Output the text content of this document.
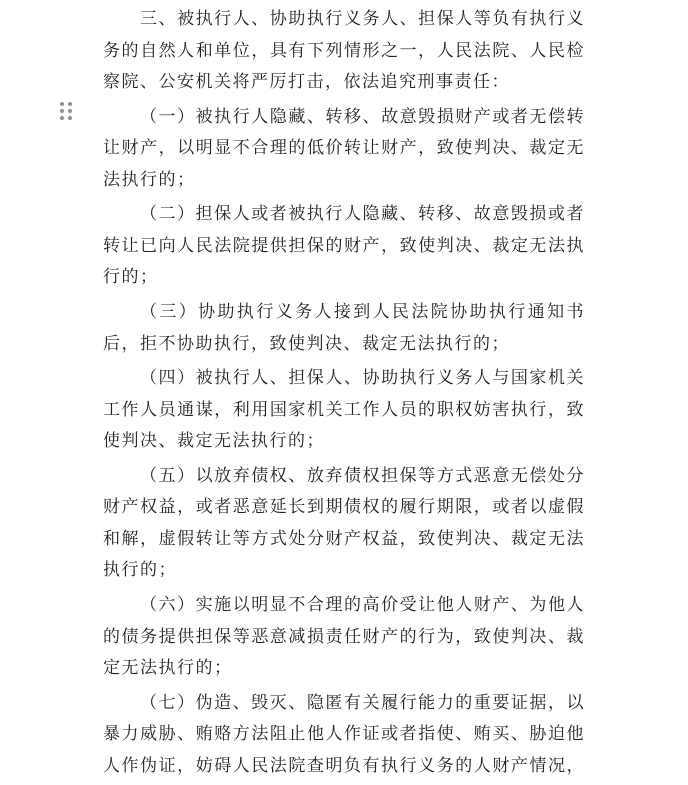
三、被执行人、协助执行义务人、担保人等负有执行义
务的自然人和单位，具有下列情形之一，人民法院、人民检
察院、公安机关将严厉打击，依法追究刑事责任：
（一）被执行人隐藏、转移、故意毁损财产或者无偿转
让财产，以明显不合理的低价转让财产，致使判决、裁定无
法执行的；
（二）担保人或者被执行人隐藏、转移、故意毁损或者
转让已向人民法院提供担保的财产，致使判决、裁定无法执
行的；
（三）协助执行义务人接到人民法院协助执行通知书
后，拒不协助执行，致使判决、裁定无法执行的；
（四）被执行人、担保人、协助执行义务人与国家机关
工作人员通谋，利用国家机关工作人员的职权妨害执行，致
使判决、裁定无法执行的；
（五）以放弃债权、放弃债权担保等方式恶意无偿处分
财产权益，或者恶意延长到期债权的履行期限，或者以虚假
和解，虚假转让等方式处分财产权益，致使判决、裁定无法
执行的；
（六）实施以明显不合理的高价受让他人财产、为他人
的债务提供担保等恶意减损责任财产的行为，致使判决、裁
定无法执行的；
（七）伪造、毁灭、隐匿有关履行能力的重要证据，以
暴力威胁、贿赂方法阻止他人作证或者指使、贿买、胁迫他
人作伪证，妨碍人民法院查明负有执行义务的人财产情况，
